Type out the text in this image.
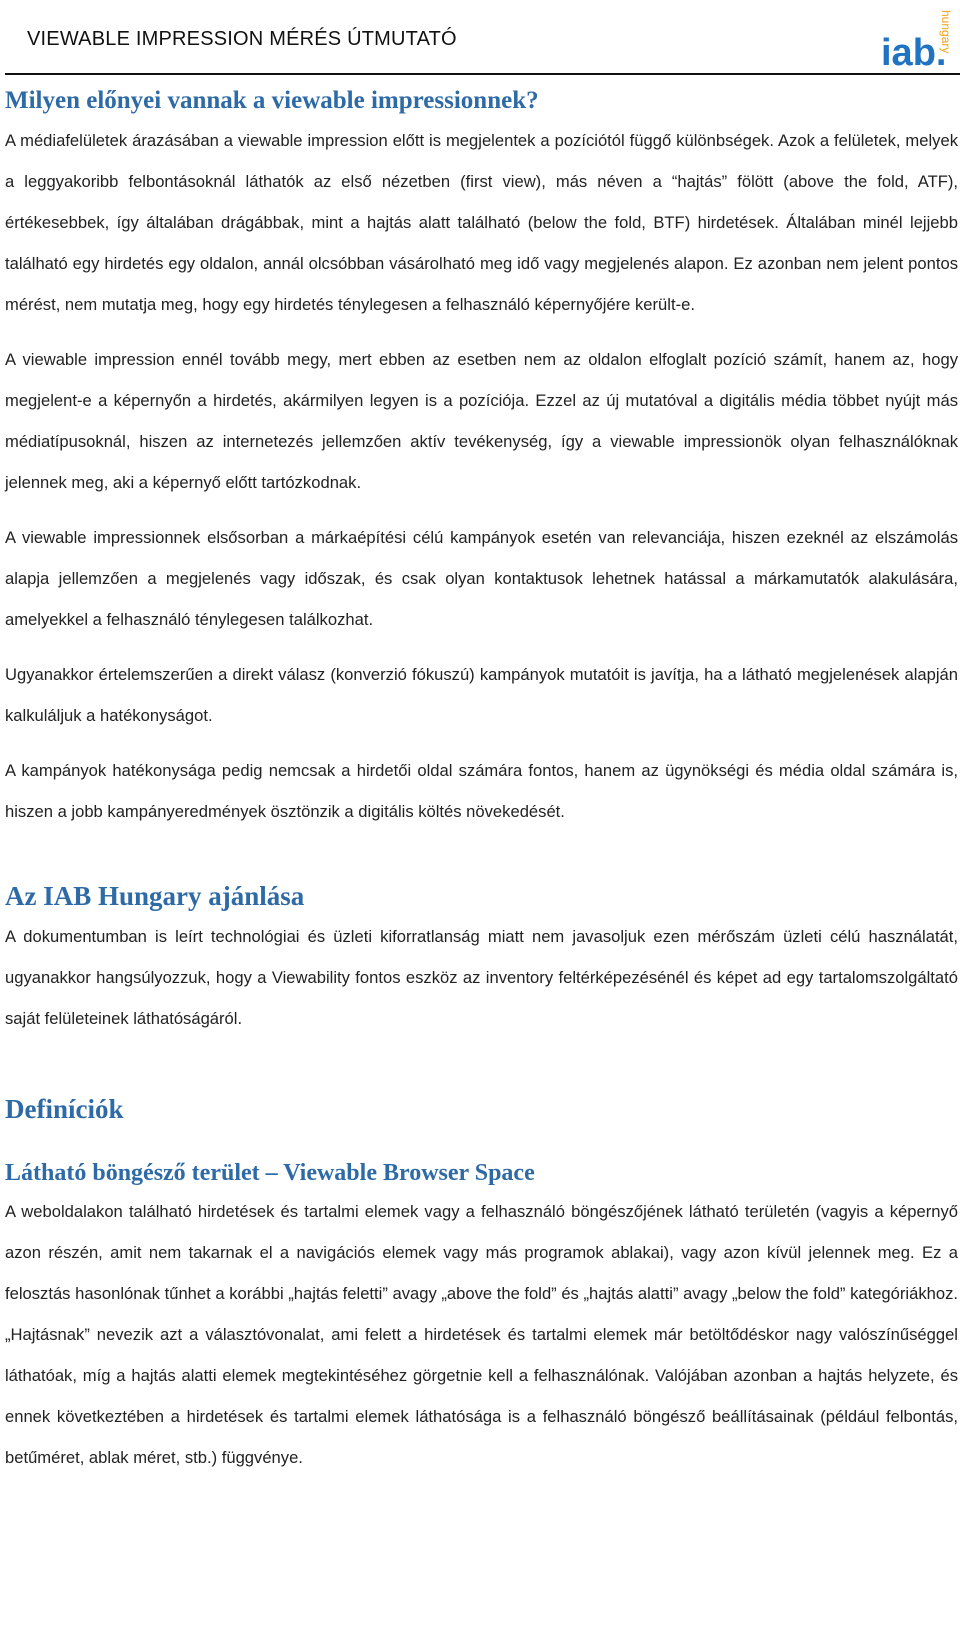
VIEWABLE IMPRESSION MÉRÉS ÚTMUTATÓ	iab.
hungary
Milyen előnyei vannak a viewable impressionnek?

A médiafelületek árazásában a viewable impression előtt is megjelentek a pozíciótól függő különbségek. Azok a felületek, melyek a leggyakoribb felbontásoknál láthatók az első nézetben (first view), más néven a “hajtás” fölött (above the fold, ATF), értékesebbek, így általában drágábbak, mint a hajtás alatt található (below the fold, BTF) hirdetések. Általában minél lejjebb található egy hirdetés egy oldalon, annál olcsóbban vásárolható meg idő vagy megjelenés alapon. Ez azonban nem jelent pontos mérést, nem mutatja meg, hogy egy hirdetés ténylegesen a felhasználó képernyőjére került-e.

A viewable impression ennél tovább megy, mert ebben az esetben nem az oldalon elfoglalt pozíció számít, hanem az, hogy megjelent-e a képernyőn a hirdetés, akármilyen legyen is a pozíciója. Ezzel az új mutatóval a digitális média többet nyújt más médiatípusoknál, hiszen az internetezés jellemzően aktív tevékenység, így a viewable impressionök olyan felhasználóknak jelennek meg, aki a képernyő előtt tartózkodnak.

A viewable impressionnek elsősorban a márkaépítési célú kampányok esetén van relevanciája, hiszen ezeknél az elszámolás alapja jellemzően a megjelenés vagy időszak, és csak olyan kontaktusok lehetnek hatással a márkamutatók alakulására, amelyekkel a felhasználó ténylegesen találkozhat.

Ugyanakkor értelemszerűen a direkt válasz (konverzió fókuszú) kampányok mutatóit is javítja, ha a látható megjelenések alapján kalkuláljuk a hatékonyságot.

A kampányok hatékonysága pedig nemcsak a hirdetői oldal számára fontos, hanem az ügynökségi és média oldal számára is, hiszen a jobb kampányeredmények ösztönzik a digitális költés növekedését.

Az IAB Hungary ajánlása

A dokumentumban is leírt technológiai és üzleti kiforratlanság miatt nem javasoljuk ezen mérőszám üzleti célú használatát, ugyanakkor hangsúlyozzuk, hogy a Viewability fontos eszköz az inventory feltérképezésénél és képet ad egy tartalomszolgáltató saját felületeinek láthatóságáról.

Definíciók
Látható böngésző terület – Viewable Browser Space

A weboldalakon található hirdetések és tartalmi elemek vagy a felhasználó böngészőjének látható területén (vagyis a képernyő azon részén, amit nem takarnak el a navigációs elemek vagy más programok ablakai), vagy azon kívül jelennek meg. Ez a felosztás hasonlónak tűnhet a korábbi „hajtás feletti” avagy „above the fold” és „hajtás alatti” avagy „below the fold” kategóriákhoz. „Hajtásnak” nevezik azt a választóvonalat, ami felett a hirdetések és tartalmi elemek már betöltődéskor nagy valószínűséggel láthatóak, míg a hajtás alatti elemek megtekintéséhez görgetnie kell a felhasználónak. Valójában azonban a hajtás helyzete, és ennek következtében a hirdetések és tartalmi elemek láthatósága is a felhasználó böngésző beállításainak (például felbontás, betűméret, ablak méret, stb.) függvénye.
